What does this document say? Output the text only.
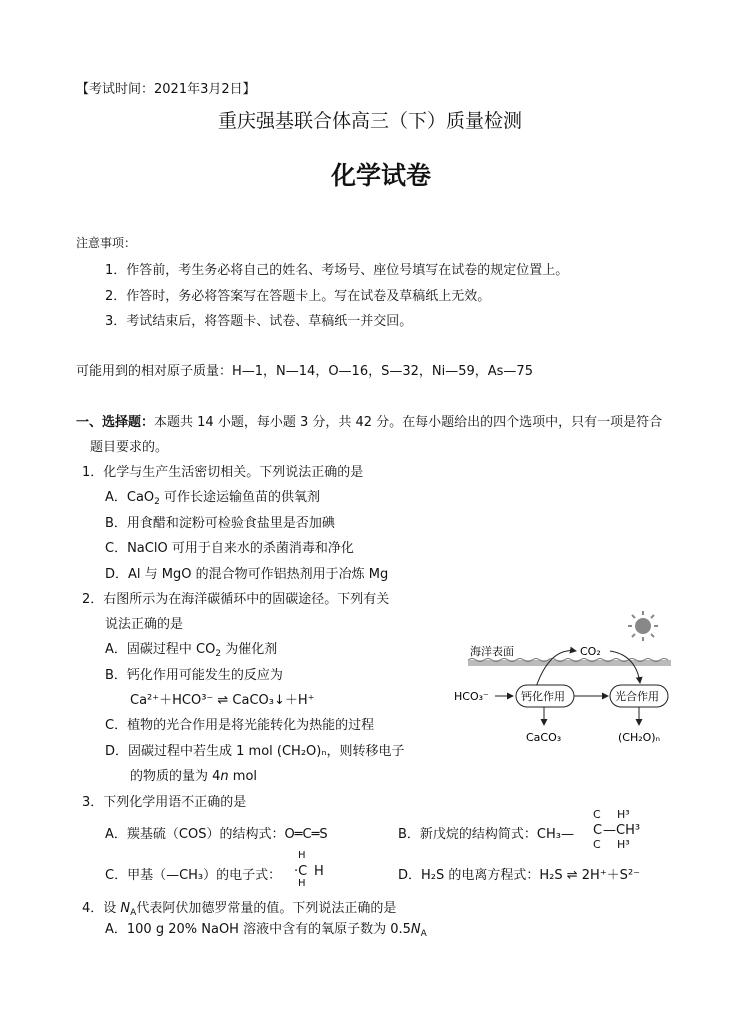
【考试时间：2021年3月2日】
重庆强基联合体高三（下）质量检测
化学试卷
注意事项：
1．作答前，考生务必将自己的姓名、考场号、座位号填写在试卷的规定位置上。
2．作答时，务必将答案写在答题卡上。写在试卷及草稿纸上无效。
3．考试结束后，将答题卡、试卷、草稿纸一并交回。
可能用到的相对原子质量：H—1，N—14，O—16，S—32，Ni—59，As—75
一、选择题：本题共 14 小题，每小题 3 分，共 42 分。在每小题给出的四个选项中，只有一项是符合
题目要求的。
1．化学与生产生活密切相关。下列说法正确的是
A．CaO$_2$ 可作长途运输鱼苗的供氧剂
B．用食醋和淀粉可检验食盐里是否加碘
C．NaClO 可用于自来水的杀菌消毒和净化
D．Al 与 MgO 的混合物可作铝热剂用于冶炼 Mg
2．右图所示为在海洋碳循环中的固碳途径。下列有关
说法正确的是
A．固碳过程中 $CO_2$ 为催化剂
B．钙化作用可能发生的反应为
Ca²⁺＋HCO³⁻ ⇌ CaCO₃↓＋H⁺
C．植物的光合作用是将光能转化为热能的过程
D．固碳过程中若生成 1 mol (CH₂O)ₙ，则转移电子
的物质的量为 4n mol
海洋表面	CO₂
HCO₃⁻	钙化作用	光合作用
CaCO₃	(CH₂O)ₙ
3．下列化学用语不正确的是
A．羰基硫（COS）的结构式：O═C═S	B．新戊烷的结构简式：CH₃—
C
C
C
H³
—CH³
H³
C．甲基（—CH₃）的电子式：
H
·C H
H
D．H₂S 的电离方程式：H₂S ⇌ 2H⁺＋S²⁻
4．设 $N_A$代表阿伏加德罗常量的值。下列说法正确的是
A．100 g 20% NaOH 溶液中含有的氧原子数为 $0.5N_A$
